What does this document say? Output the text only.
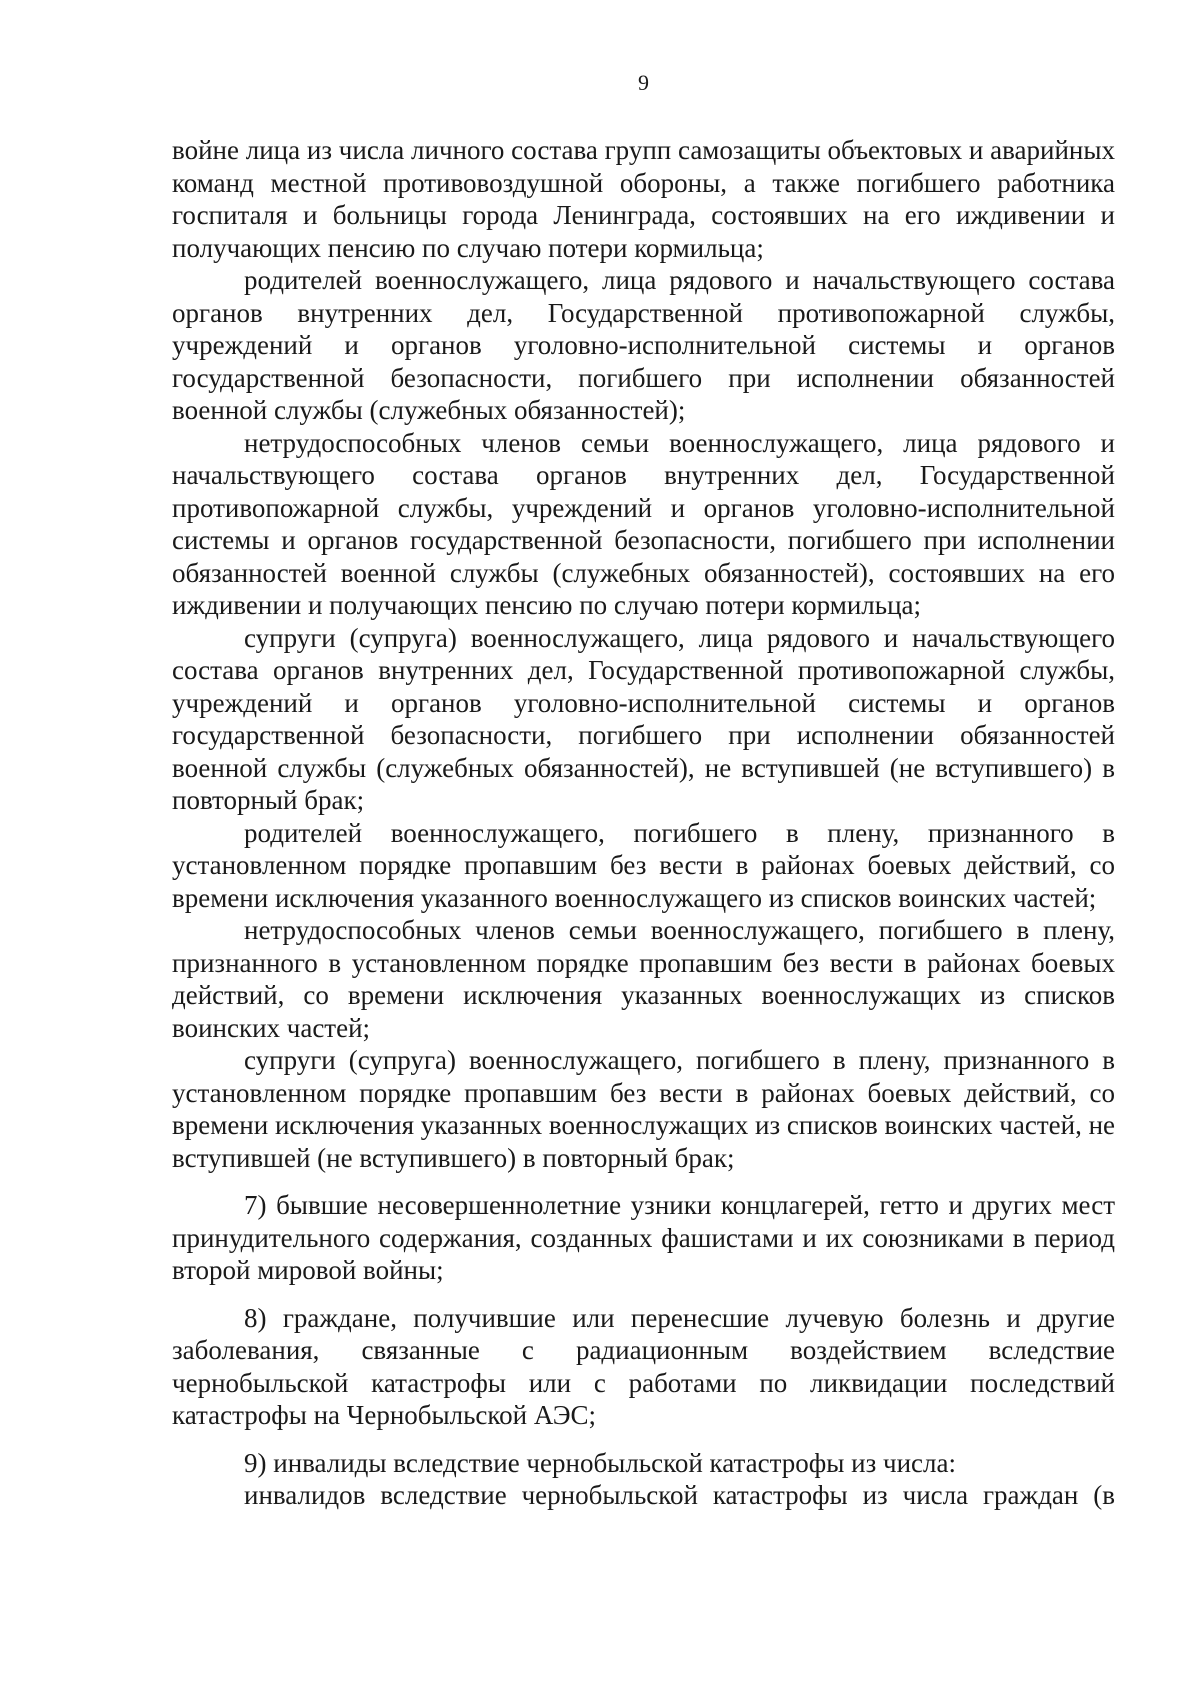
9

войне лица из числа личного состава групп самозащиты объектовых и аварийных команд местной противовоздушной обороны, а также погибшего работника госпиталя и больницы города Ленинграда, состоявших на его иждивении и получающих пенсию по случаю потери кормильца;

родителей военнослужащего, лица рядового и начальствующего состава органов внутренних дел, Государственной противопожарной службы, учреждений и органов уголовно-исполнительной системы и органов государственной безопасности, погибшего при исполнении обязанностей военной службы (служебных обязанностей);

нетрудоспособных членов семьи военнослужащего, лица рядового и начальствующего состава органов внутренних дел, Государственной противопожарной службы, учреждений и органов уголовно-исполнительной системы и органов государственной безопасности, погибшего при исполнении обязанностей военной службы (служебных обязанностей), состоявших на его иждивении и получающих пенсию по случаю потери кормильца;

супруги (супруга) военнослужащего, лица рядового и начальствующего состава органов внутренних дел, Государственной противопожарной службы, учреждений и органов уголовно-исполнительной системы и органов государственной безопасности, погибшего при исполнении обязанностей военной службы (служебных обязанностей), не вступившей (не вступившего) в повторный брак;

родителей военнослужащего, погибшего в плену, признанного в установленном порядке пропавшим без вести в районах боевых действий, со времени исключения указанного военнослужащего из списков воинских частей;

нетрудоспособных членов семьи военнослужащего, погибшего в плену, признанного в установленном порядке пропавшим без вести в районах боевых действий, со времени исключения указанных военнослужащих из списков воинских частей;

супруги (супруга) военнослужащего, погибшего в плену, признанного в установленном порядке пропавшим без вести в районах боевых действий, со времени исключения указанных военнослужащих из списков воинских частей, не вступившей (не вступившего) в повторный брак;

7) бывшие несовершеннолетние узники концлагерей, гетто и других мест принудительного содержания, созданных фашистами и их союзниками в период второй мировой войны;

8) граждане, получившие или перенесшие лучевую болезнь и другие заболевания, связанные с радиационным воздействием вследствие чернобыльской катастрофы или с работами по ликвидации последствий катастрофы на Чернобыльской АЭС;

9) инвалиды вследствие чернобыльской катастрофы из числа:

инвалидов вследствие чернобыльской катастрофы из числа граждан (в
